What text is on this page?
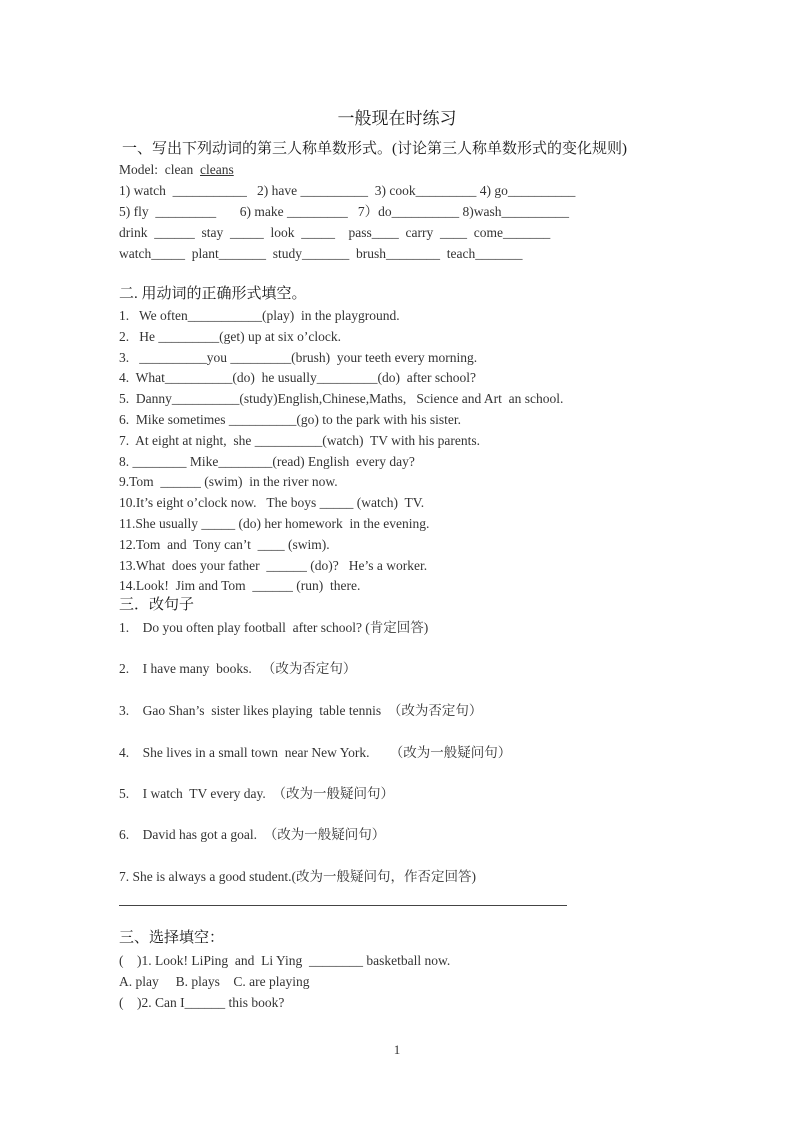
一般现在时练习
一、写出下列动词的第三人称单数形式。(讨论第三人称单数形式的变化规则)
Model:  clean  cleans
1) watch  ___________   2) have __________  3) cook_________ 4) go__________
5) fly  _________       6) make _________   7）do__________ 8)wash__________
drink  ______  stay  _____  look  _____    pass____  carry  ____  come_______
watch_____  plant_______  study_______  brush________  teach_______
二. 用动词的正确形式填空。
1.   We often___________(play)  in the playground.
2.   He _________(get) up at six o’clock.
3.   __________you _________(brush)  your teeth every morning.
4.  What__________(do)  he usually_________(do)  after school?
5.  Danny__________(study)English,Chinese,Maths,   Science and Art  an school.
6.  Mike sometimes __________(go) to the park with his sister.
7.  At eight at night,  she __________(watch)  TV with his parents.
8. ________ Mike________(read) English  every day?
9.Tom  ______ (swim)  in the river now.
10.It’s eight o’clock now.   The boys _____ (watch)  TV.
11.She usually _____ (do) her homework  in the evening.
12.Tom  and  Tony can’t  ____ (swim).
13.What  does your father  ______ (do)?   He’s a worker.
14.Look!  Jim and Tom  ______ (run)  there.
三．改句子
1.    Do you often play football  after school? (肯定回答)
2.    I have many  books.   （改为否定句）
3.    Gao Shan’s  sister likes playing  table tennis  （改为否定句）
4.    She lives in a small town  near New York.      （改为一般疑问句）
5.    I watch  TV every day.  （改为一般疑问句）
6.    David has got a goal.  （改为一般疑问句）
7. She is always a good student.(改为一般疑问句，作否定回答)
三、选择填空：
(    )1. Look! LiPing  and  Li Ying  ________ basketball now.
A. play     B. plays    C. are playing
(    )2. Can I______ this book?
1
